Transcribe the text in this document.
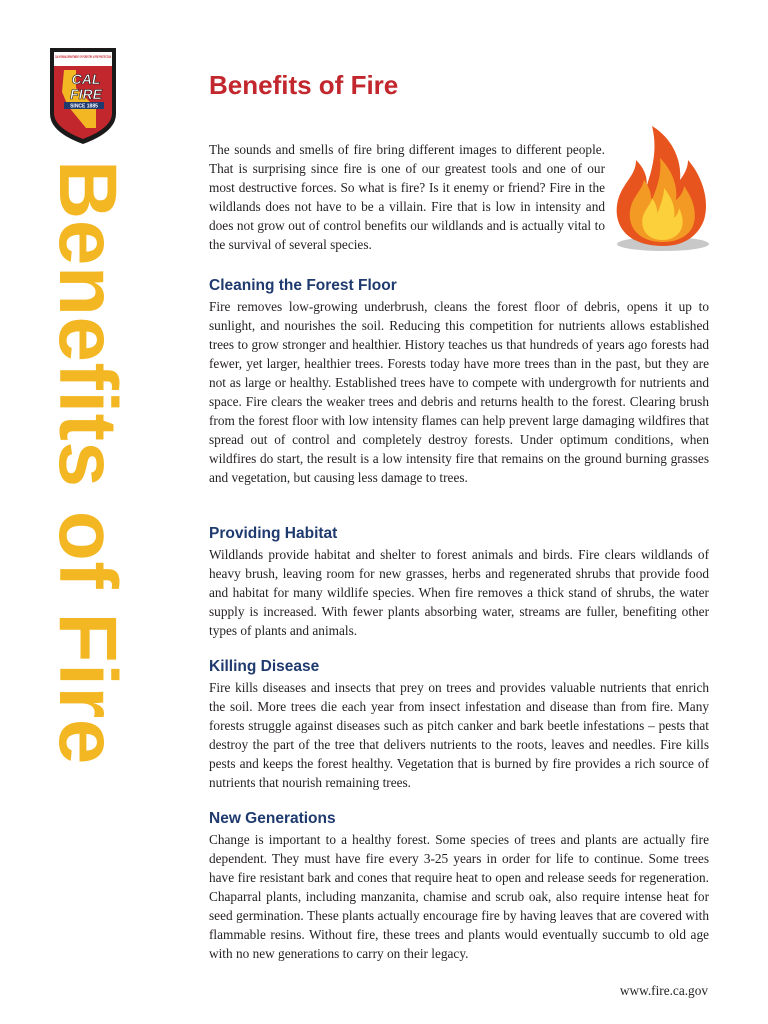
CALIFORNIA DEPARTMENT OF FORESTRY & FIRE PROTECTION
CAL
FIRE
SINCE 1885
Benefits of Fire
Benefits of Fire

The sounds and smells of fire bring different images to different people. That is surprising since fire is one of our greatest tools and one of our most destructive forces. So what is fire? Is it enemy or friend? Fire in the wildlands does not have to be a villain. Fire that is low in intensity and does not grow out of control benefits our wildlands and is actually vital to the survival of several species.

Cleaning the Forest Floor

Fire removes low-growing underbrush, cleans the forest floor of debris, opens it up to sunlight, and nourishes the soil. Reducing this competition for nutrients allows established trees to grow stronger and healthier. History teaches us that hundreds of years ago forests had fewer, yet larger, healthier trees. Forests today have more trees than in the past, but they are not as large or healthy. Established trees have to compete with undergrowth for nutrients and space. Fire clears the weaker trees and debris and returns health to the forest. Clearing brush from the forest floor with low intensity flames can help prevent large damaging wildfires that spread out of control and completely destroy forests. Under optimum conditions, when wildfires do start, the result is a low intensity fire that remains on the ground burning grasses and vegetation, but causing less damage to trees.

Providing Habitat

Wildlands provide habitat and shelter to forest animals and birds. Fire clears wildlands of heavy brush, leaving room for new grasses, herbs and regenerated shrubs that provide food and habitat for many wildlife species. When fire removes a thick stand of shrubs, the water supply is increased. With fewer plants absorbing water, streams are fuller, benefiting other types of plants and animals.

Killing Disease

Fire kills diseases and insects that prey on trees and provides valuable nutrients that enrich the soil. More trees die each year from insect infestation and disease than from fire. Many forests struggle against diseases such as pitch canker and bark beetle infestations – pests that destroy the part of the tree that delivers nutrients to the roots, leaves and needles. Fire kills pests and keeps the forest healthy. Vegetation that is burned by fire provides a rich source of nutrients that nourish remaining trees.

New Generations

Change is important to a healthy forest. Some species of trees and plants are actually fire dependent. They must have fire every 3-25 years in order for life to continue. Some trees have fire resistant bark and cones that require heat to open and release seeds for regeneration. Chaparral plants, including manzanita, chamise and scrub oak, also require intense heat for seed germination. These plants actually encourage fire by having leaves that are covered with flammable resins. Without fire, these trees and plants would eventually succumb to old age with no new generations to carry on their legacy.

www.fire.ca.gov
